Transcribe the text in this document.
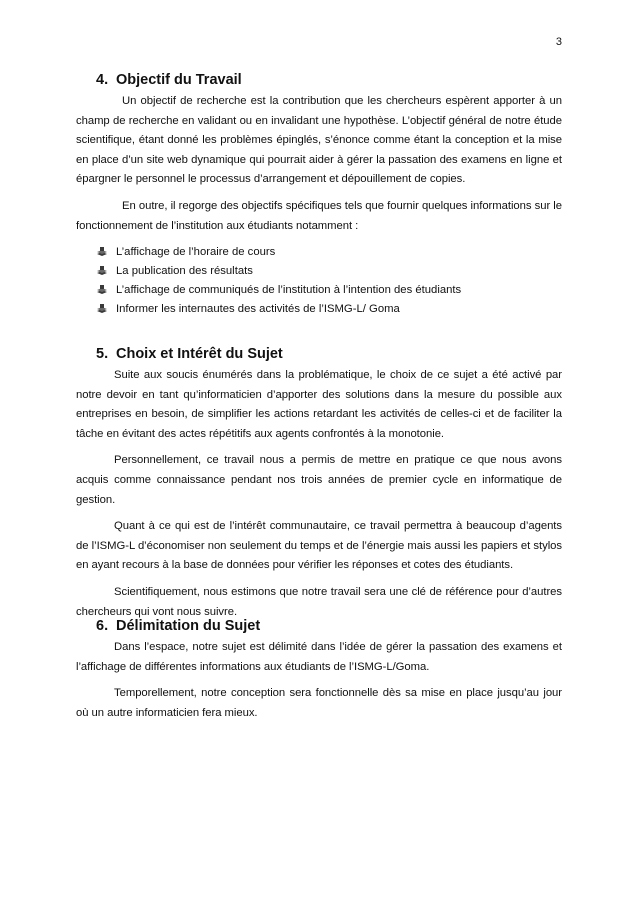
3
4. Objectif du Travail

Un objectif de recherche est la contribution que les chercheurs espèrent apporter à un champ de recherche en validant ou en invalidant une hypothèse. L’objectif général de notre étude scientifique, étant donné les problèmes épinglés, s’énonce comme étant la conception et la mise en place d’un site web dynamique qui pourrait aider à gérer la passation des examens en ligne et épargner le personnel le processus d’arrangement et dépouillement de copies.

En outre, il regorge des objectifs spécifiques tels que fournir quelques informations sur le fonctionnement de l’institution aux étudiants notamment :

L’affichage de l’horaire de cours
La publication des résultats
L’affichage de communiqués de l’institution à l’intention des étudiants
Informer les internautes des activités de l’ISMG-L/ Goma
5. Choix et Intérêt du Sujet

Suite aux soucis énumérés dans la problématique, le choix de ce sujet a été activé par notre devoir en tant qu’informaticien d’apporter des solutions dans la mesure du possible aux entreprises en besoin, de simplifier les actions retardant les activités de celles-ci et de faciliter la tâche en évitant des actes répétitifs aux agents confrontés à la monotonie.

Personnellement, ce travail nous a permis de mettre en pratique ce que nous avons acquis comme connaissance pendant nos trois années de premier cycle en informatique de gestion.

Quant à ce qui est de l’intérêt communautaire, ce travail permettra à beaucoup d’agents de l’ISMG-L d’économiser non seulement du temps et de l’énergie mais aussi les papiers et stylos en ayant recours à la base de données pour vérifier les réponses et cotes des étudiants.

Scientifiquement, nous estimons que notre travail sera une clé de référence pour d’autres chercheurs qui vont nous suivre.

6. Délimitation du Sujet

Dans l’espace, notre sujet est délimité dans l’idée de gérer la passation des examens et l’affichage de différentes informations aux étudiants de l’ISMG-L/Goma.

Temporellement, notre conception sera fonctionnelle dès sa mise en place jusqu’au jour où un autre informaticien fera mieux.
